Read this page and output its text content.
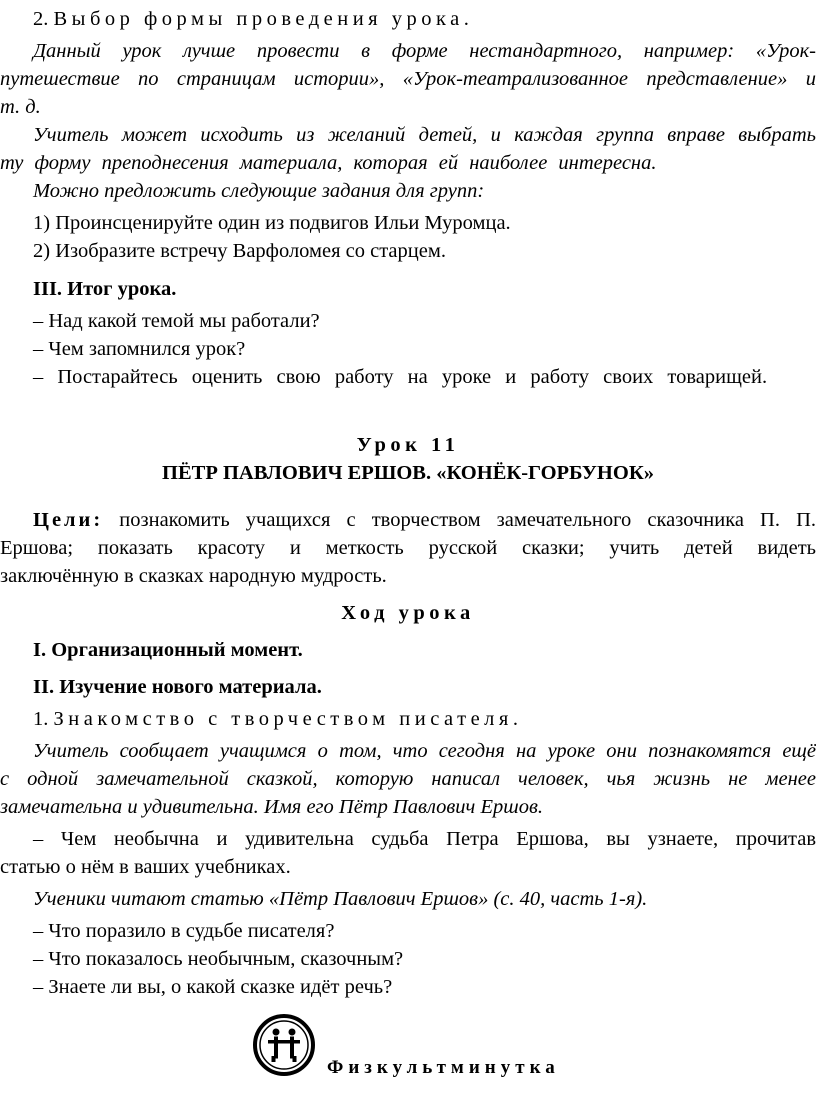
2. Выбор формы проведения урока.

Данный урок лучше провести в форме нестандартного, например: «Урок-

путешествие по страницам истории», «Урок-театрализованное представление» и

т. д.

Учитель может исходить из желаний детей, и каждая группа вправе выбрать

ту форму преподнесения материала, которая ей наиболее интересна.

Можно предложить следующие задания для групп:

1) Проинсценируйте один из подвигов Ильи Муромца.

2) Изобразите встречу Варфоломея со старцем.

III. Итог урока.

– Над какой темой мы работали?

– Чем запомнился урок?

– Постарайтесь оценить свою работу на уроке и работу своих товарищей.

Урок 11

ПЁТР ПАВЛОВИЧ ЕРШОВ. «КОНЁК-ГОРБУНОК»

Цели: познакомить учащихся с творчеством замечательного сказочника П. П.

Ершова; показать красоту и меткость русской сказки; учить детей видеть

заключённую в сказках народную мудрость.

Ход урока

I. Организационный момент.

II. Изучение нового материала.

1. Знакомство с творчеством писателя.

Учитель сообщает учащимся о том, что сегодня на уроке они познакомятся ещё

с одной замечательной сказкой, которую написал человек, чья жизнь не менее

замечательна и удивительна. Имя его Пётр Павлович Ершов.

– Чем необычна и удивительна судьба Петра Ершова, вы узнаете, прочитав

статью о нём в ваших учебниках.

Ученики читают статью «Пётр Павлович Ершов» (с. 40, часть 1-я).

– Что поразило в судьбе писателя?

– Что показалось необычным, сказочным?

– Знаете ли вы, о какой сказке идёт речь?

Физкультминутка
